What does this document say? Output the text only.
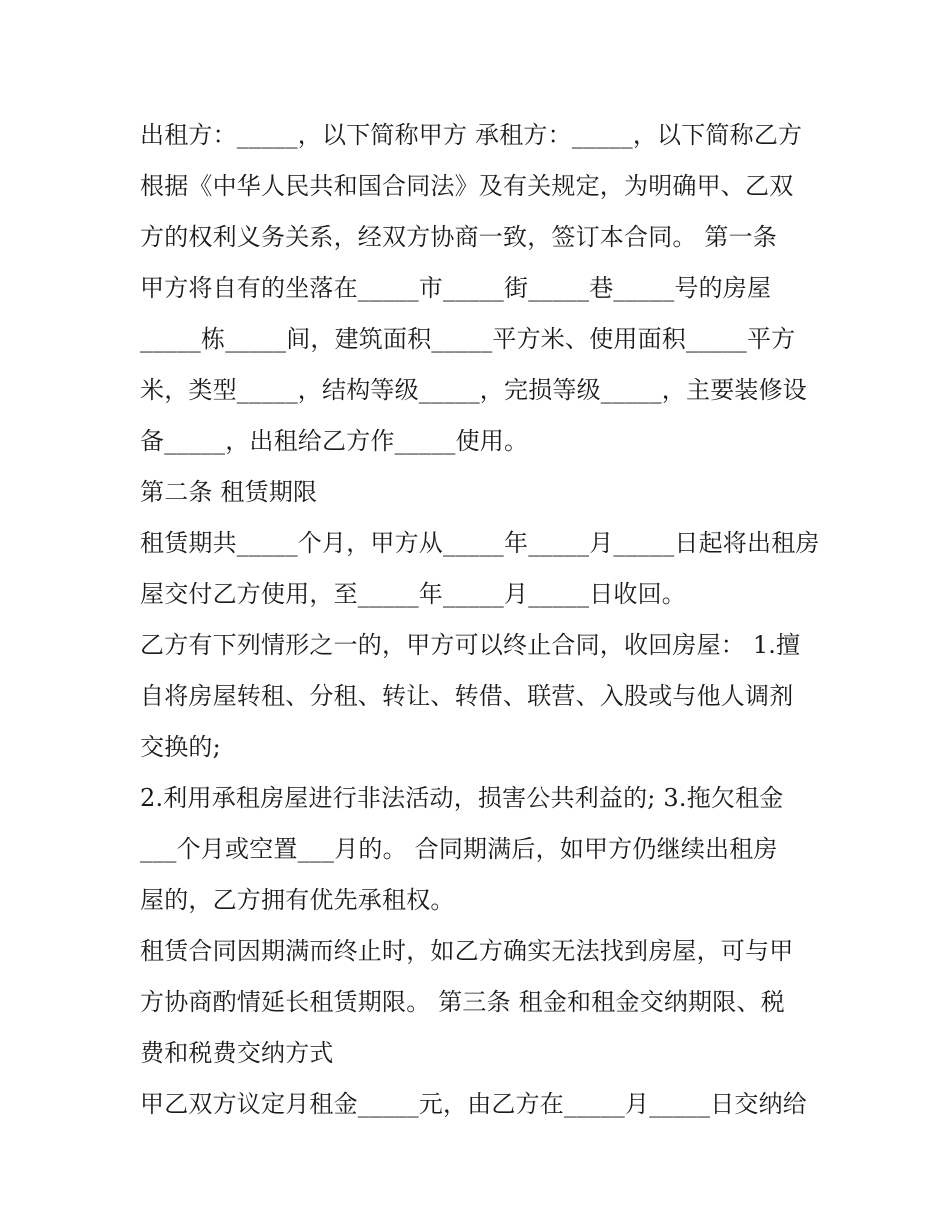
出租方：_____，以下简称甲方 承租方：_____，以下简称乙方
根据《中华人民共和国合同法》及有关规定，为明确甲、乙双
方的权利义务关系，经双方协商一致，签订本合同。 第一条
甲方将自有的坐落在_____市_____街_____巷_____号的房屋
_____栋_____间，建筑面积_____平方米、使用面积_____平方
米，类型_____，结构等级_____，完损等级_____，主要装修设
备_____，出租给乙方作_____使用。
第二条 租赁期限
租赁期共_____个月，甲方从_____年_____月_____日起将出租房
屋交付乙方使用，至_____年_____月_____日收回。
乙方有下列情形之一的，甲方可以终止合同，收回房屋： 1.擅
自将房屋转租、分租、转让、转借、联营、入股或与他人调剂
交换的;
2.利用承租房屋进行非法活动，损害公共利益的; 3.拖欠租金
___个月或空置___月的。 合同期满后，如甲方仍继续出租房
屋的，乙方拥有优先承租权。
租赁合同因期满而终止时，如乙方确实无法找到房屋，可与甲
方协商酌情延长租赁期限。 第三条 租金和租金交纳期限、税
费和税费交纳方式
甲乙双方议定月租金_____元，由乙方在_____月_____日交纳给
